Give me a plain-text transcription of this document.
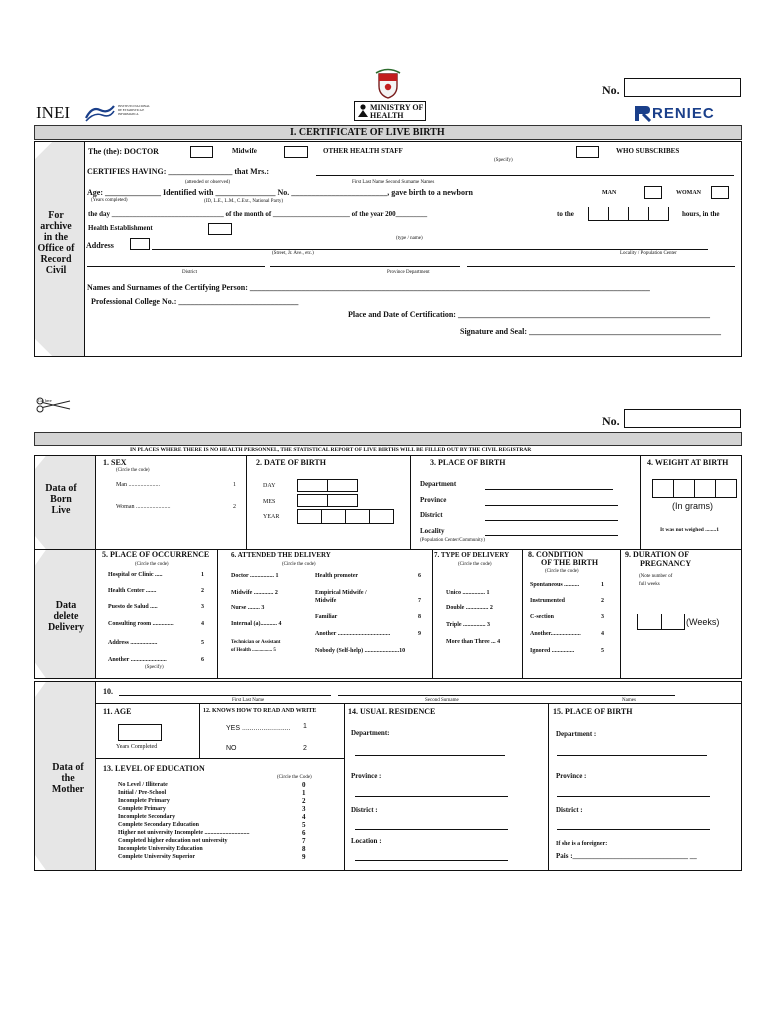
INEI	INSTITUTO NACIONAL DE ESTADISTICA E INFORMATICA
MINISTRY OF HEALTH
No.
RENIEC
I. CERTIFICATE OF LIVE BIRTH
For archive in the Office of Record Civil
The (the): DOCTOR	Midwife	OTHER HEALTH STAFF
(Specify)
WHO SUBSCRIBES
CERTIFIES HAVING: ________________ that Mrs.:
(attended or observed)	First Last Name Second Surname Names
Age: ______________ Identified with _______________ No. ________________________, gave birth to a newborn
(Years completed)	(ID, L.E., L.M., C.Ext., National Party)
MAN	WOMAN
the day ________________________________ of the month of ______________________ of the year 200_________	to the	hours, in the
Health Establishment
(type / name)
Address
(Street, Jr. Ave., etc.)	Locality / Population Center
District	Province Department
Names and Surnames of the Certifying Person: ____________________________________________________________________________________________________
Professional College No.: ______________________________
Place and Date of Certification: _______________________________________________________________
Signature and Seal: ________________________________________________
Cut here
No.
IN PLACES WHERE THERE IS NO HEALTH PERSONNEL, THE STATISTICAL REPORT OF LIVE BIRTHS WILL BE FILLED OUT BY THE CIVIL REGISTRAR
Data of Born Live
1. SEX
(Circle the code)
Man .....................	1
Woman .......................	2
2. DATE OF BIRTH
DAY
MES
YEAR
3. PLACE OF BIRTH
Department
Province
District
Locality
(Population Center/Community)
4. WEIGHT AT BIRTH
(In grams)
It was not weighed ........1
Data delete Delivery
5. PLACE OF OCCURRENCE
(Circle the code)
Hospital or Clinic .....	1
Health Center .......	2
Puesto de Salud .....	3
Consulting room ..............	4
Address ..................	5
Another ........................	6
(Specify)
6. ATTENDED THE DELIVERY
(Circle the code)
Doctor ................ 1
Midwife ............. 2
Nurse ........ 3
Internal (a)........... 4
Technician or Assistant
of Health ................ 5
Health promoter	6
Empirical Midwife /
Midwife	7
Familiar	8
Another ...................................	9
Nobody (Self-help) .......................10
7. TYPE OF DELIVERY
(Circle the code)
Unico ............... 1
Double ............... 2
Triple ............... 3
More than Three ... 4
8. CONDITION
OF THE BIRTH
(Circle the code)
Spontaneous ..........	1
Instrumented	2
C-section	3
Another....................	4
Ignored ...............	5
9. DURATION OF
PREGNANCY
(Note number of
full weeks
(Weeks)
Data of the Mother
10.
First Last Name	Second Surname	Names
11. AGE
Years Completed
12. KNOWS HOW TO READ AND WRITE
YES ......................... 1
NO	2
13. LEVEL OF EDUCATION
(Circle the Code)
No Level / Illiterate	0
Initial / Pre-School	1
Incomplete Primary	2
Complete Primary	3
Incomplete Secondary	4
Complete Secondary Education	5
Higher not university Incomplete ..............................	6
Completed higher education not university	7
Incomplete University Education	8
Complete University Superior	9
14. USUAL RESIDENCE
Department:
Province :
District :
Location :
15. PLACE OF BIRTH
Department :
Province :
District :
If she is a foreigner:
Pais :_________________________________ __
